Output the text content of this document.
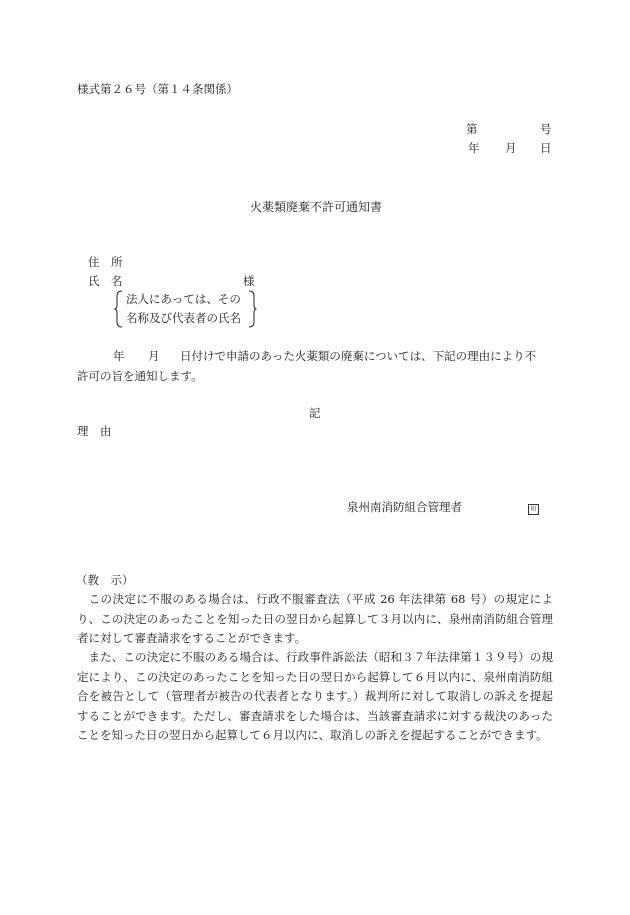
様式第２６号（第１４条関係）
第	号
年 月 日
火薬類廃棄不許可通知書
住　所
氏　名	様
法人にあっては、その
名称及び代表者の氏名
年 月 日付けで申請のあった火薬類の廃棄については、下記の理由により不
許可の旨を通知します。
記
理　由
泉州南消防組合管理者	印
（教　示）
この決定に不服のある場合は、行政不服審査法（平成 26 年法律第 68 号）の規定により、この決定のあったことを知った日の翌日から起算して３月以内に、泉州南消防組合管理者に対して審査請求をすることができます。
また、この決定に不服のある場合は、行政事件訴訟法（昭和３７年法律第１３９号）の規定により、この決定のあったことを知った日の翌日から起算して６月以内に、泉州南消防組合を被告として（管理者が被告の代表者となります。）裁判所に対して取消しの訴えを提起することができます。ただし、審査請求をした場合は、当該審査請求に対する裁決のあったことを知った日の翌日から起算して６月以内に、取消しの訴えを提起することができます。
